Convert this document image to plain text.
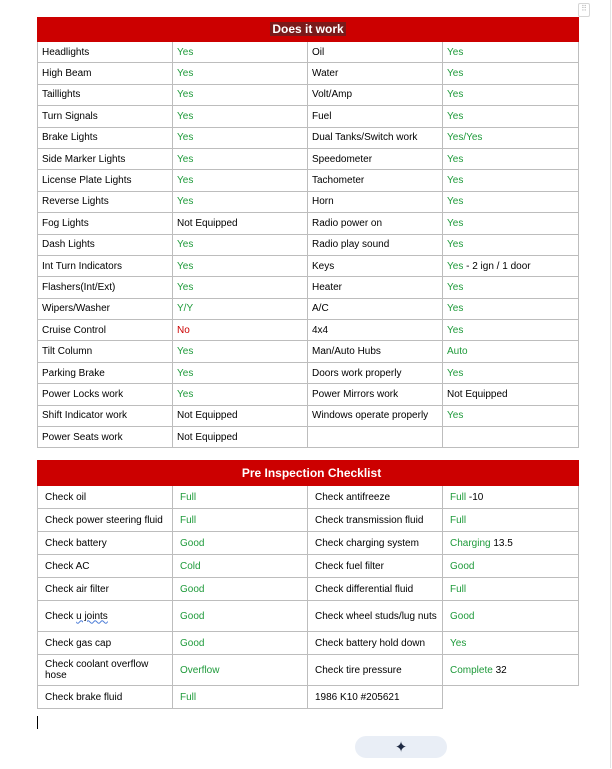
⠿
Does it work			
Headlights	Yes	Oil	Yes
High Beam	Yes	Water	Yes
Taillights	Yes	Volt/Amp	Yes
Turn Signals	Yes	Fuel	Yes
Brake Lights	Yes	Dual Tanks/Switch work	Yes/Yes
Side Marker Lights	Yes	Speedometer	Yes
License Plate Lights	Yes	Tachometer	Yes
Reverse Lights	Yes	Horn	Yes
Fog Lights	Not Equipped	Radio power on	Yes
Dash Lights	Yes	Radio play sound	Yes
Int Turn Indicators	Yes	Keys	Yes - 2 ign / 1 door
Flashers(Int/Ext)	Yes	Heater	Yes
Wipers/Washer	Y/Y	A/C	Yes
Cruise Control	No	4x4	Yes
Tilt Column	Yes	Man/Auto Hubs	Auto
Parking Brake	Yes	Doors work properly	Yes
Power Locks work	Yes	Power Mirrors work	Not Equipped
Shift Indicator work	Not Equipped	Windows operate properly	Yes
Power Seats work	Not Equipped		
Pre Inspection Checklist			
Check oil	Full	Check antifreeze	Full -10
Check power steering fluid	Full	Check transmission fluid	Full
Check battery	Good	Check charging system	Charging 13.5
Check AC	Cold	Check fuel filter	Good
Check air filter	Good	Check differential fluid	Full
Check u joints	Good	Check wheel studs/lug nuts	Good
Check gas cap	Good	Check battery hold down	Yes
Check coolant overflow hose	Overflow	Check tire pressure	Complete 32
Check brake fluid	Full	1986 K10 #205621	
✦
